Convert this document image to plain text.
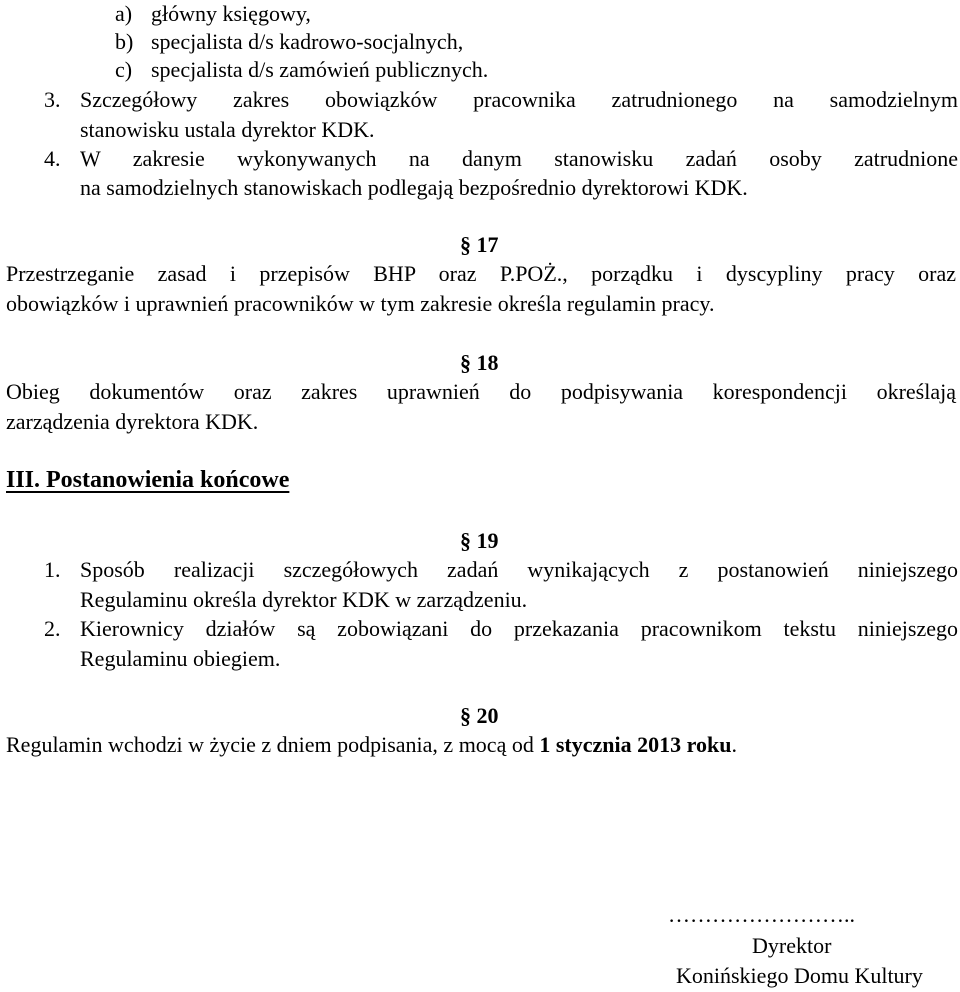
a) główny księgowy,
b) specjalista d/s kadrowo-socjalnych,
c) specjalista d/s zamówień publicznych.
3. Szczegółowy zakres obowiązków pracownika zatrudnionego na samodzielnym
stanowisku ustala dyrektor KDK.
4. W zakresie wykonywanych na danym stanowisku zadań osoby zatrudnione
na samodzielnych stanowiskach podlegają bezpośrednio dyrektorowi KDK.
§ 17
Przestrzeganie zasad i przepisów BHP oraz P.POŻ., porządku i dyscypliny pracy oraz
obowiązków i uprawnień pracowników w tym zakresie określa regulamin pracy.
§ 18
Obieg dokumentów oraz zakres uprawnień do podpisywania korespondencji określają
zarządzenia dyrektora KDK.
III. Postanowienia końcowe
§ 19
1. Sposób realizacji szczegółowych zadań wynikających z postanowień niniejszego
Regulaminu określa dyrektor KDK w zarządzeniu.
2. Kierownicy działów są zobowiązani do przekazania pracownikom tekstu niniejszego
Regulaminu obiegiem.
§ 20
Regulamin wchodzi w życie z dniem podpisania, z mocą od 1 stycznia 2013 roku.
……………………..
Dyrektor
Konińskiego Domu Kultury
